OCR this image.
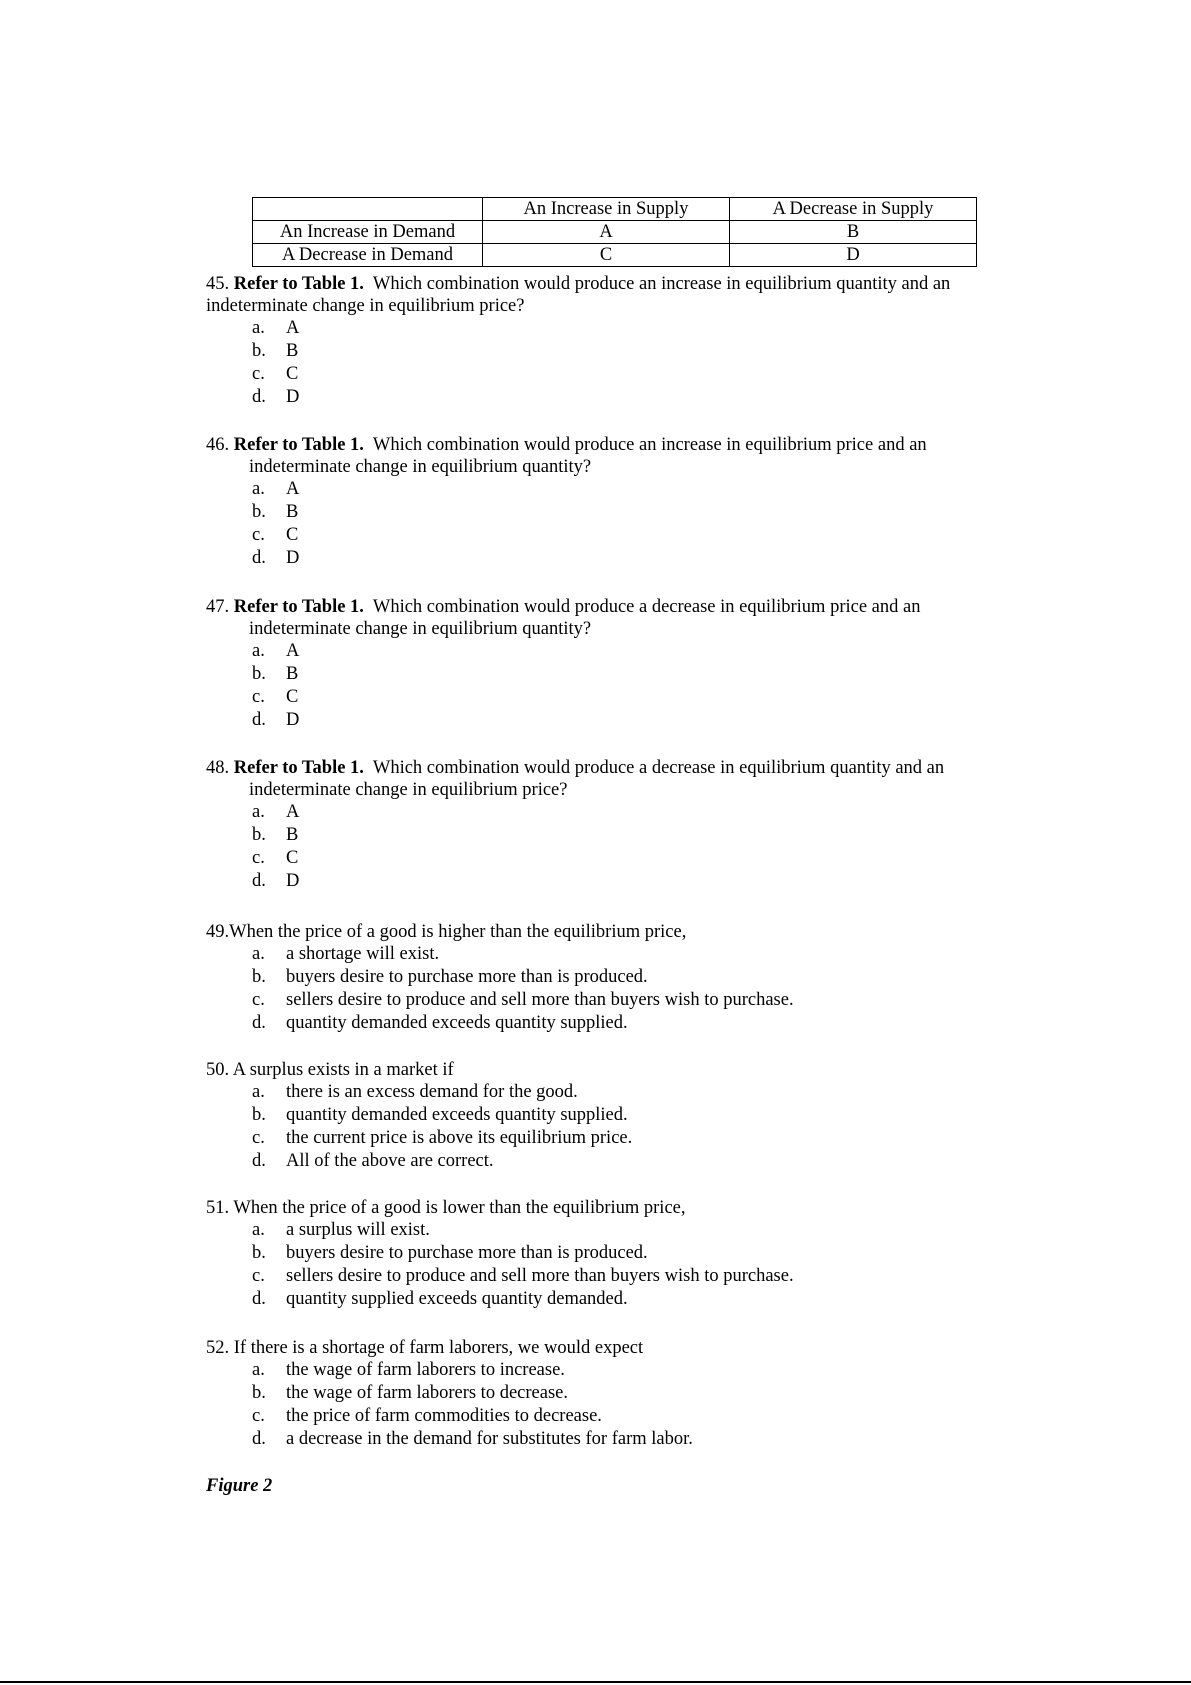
	An Increase in Supply	A Decrease in Supply
An Increase in Demand	A	B
A Decrease in Demand	C	D

45. Refer to Table 1. Which combination would produce an increase in equilibrium quantity and an indeterminate change in equilibrium price?

a. A
b. B
c. C
d. D

46. Refer to Table 1. Which combination would produce an increase in equilibrium price and an indeterminate change in equilibrium quantity?

a. A
b. B
c. C
d. D

47. Refer to Table 1. Which combination would produce a decrease in equilibrium price and an indeterminate change in equilibrium quantity?

a. A
b. B
c. C
d. D

48. Refer to Table 1. Which combination would produce a decrease in equilibrium quantity and an indeterminate change in equilibrium price?

a. A
b. B
c. C
d. D

49.When the price of a good is higher than the equilibrium price,

a. a shortage will exist.
b. buyers desire to purchase more than is produced.
c. sellers desire to produce and sell more than buyers wish to purchase.
d. quantity demanded exceeds quantity supplied.

50. A surplus exists in a market if

a. there is an excess demand for the good.
b. quantity demanded exceeds quantity supplied.
c. the current price is above its equilibrium price.
d. All of the above are correct.

51. When the price of a good is lower than the equilibrium price,

a. a surplus will exist.
b. buyers desire to purchase more than is produced.
c. sellers desire to produce and sell more than buyers wish to purchase.
d. quantity supplied exceeds quantity demanded.

52. If there is a shortage of farm laborers, we would expect

a. the wage of farm laborers to increase.
b. the wage of farm laborers to decrease.
c. the price of farm commodities to decrease.
d. a decrease in the demand for substitutes for farm labor.
Figure 2
